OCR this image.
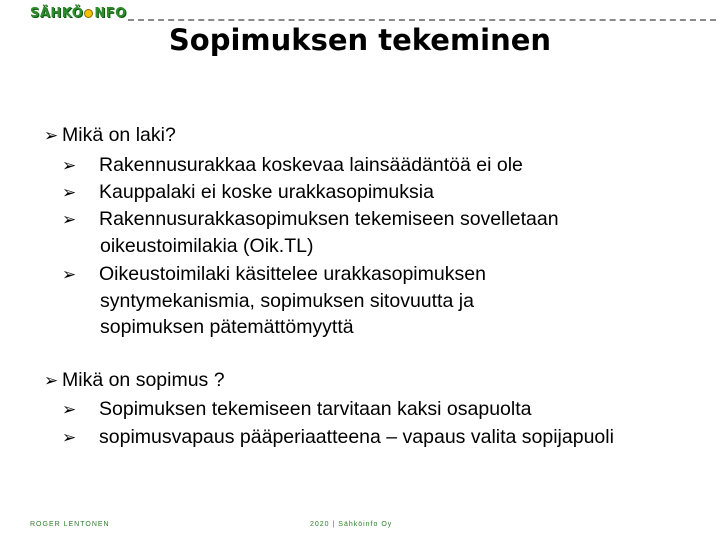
SÄHKÖ NFO
Sopimuksen tekeminen
➢ Mikä on laki?
➢ Rakennusurakkaa koskevaa lainsäädäntöä ei ole
➢ Kauppalaki ei koske urakkasopimuksia
➢ Rakennusurakkasopimuksen tekemiseen sovelletaan oikeustoimilakia (Oik.TL)
➢ Oikeustoimilaki käsittelee urakkasopimuksen syntymekanismia, sopimuksen sitovuutta ja sopimuksen pätemättömyyttä
➢ Mikä on sopimus ?
➢ Sopimuksen tekemiseen tarvitaan kaksi osapuolta
➢ sopimusvapaus pääperiaatteena – vapaus valita sopijapuoli
ROGER LENTONEN	2020 | Sähköinfo Oy
